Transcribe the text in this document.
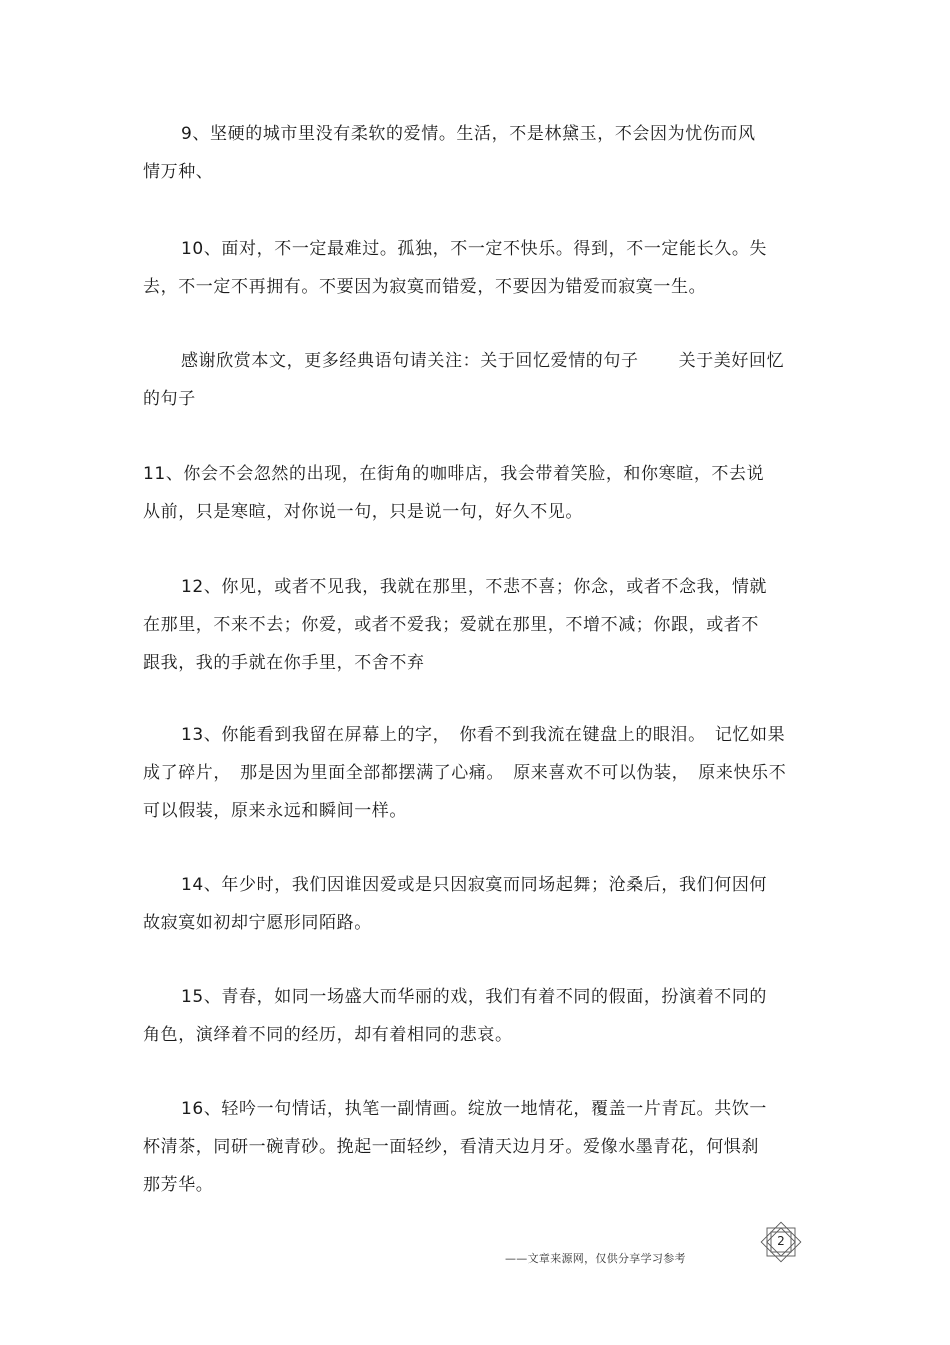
9、坚硬的城市里没有柔软的爱情。生活，不是林黛玉，不会因为忧伤而风
情万种、
10、面对，不一定最难过。孤独，不一定不快乐。得到，不一定能长久。失
去，不一定不再拥有。不要因为寂寞而错爱，不要因为错爱而寂寞一生。
感谢欣赏本文，更多经典语句请关注：关于回忆爱情的句子 关于美好回忆
的句子
11、你会不会忽然的出现，在街角的咖啡店，我会带着笑脸，和你寒暄，不去说
从前，只是寒暄，对你说一句，只是说一句，好久不见。
12、你见，或者不见我，我就在那里，不悲不喜；你念，或者不念我，情就
在那里，不来不去；你爱，或者不爱我；爱就在那里，不增不减；你跟，或者不
跟我，我的手就在你手里，不舍不弃
13、你能看到我留在屏幕上的字，　你看不到我流在键盘上的眼泪。　记忆如果
成了碎片，　那是因为里面全部都摆满了心痛。　原来喜欢不可以伪装，　原来快乐不
可以假装，原来永远和瞬间一样。
14、年少时，我们因谁因爱或是只因寂寞而同场起舞；沧桑后，我们何因何
故寂寞如初却宁愿形同陌路。
15、青春，如同一场盛大而华丽的戏，我们有着不同的假面，扮演着不同的
角色，演绎着不同的经历，却有着相同的悲哀。
16、轻吟一句情话，执笔一副情画。绽放一地情花，覆盖一片青瓦。共饮一
杯清茶，同研一碗青砂。挽起一面轻纱，看清天边月牙。爱像水墨青花，何惧刹
那芳华。
——文章来源网，仅供分享学习参考
2
